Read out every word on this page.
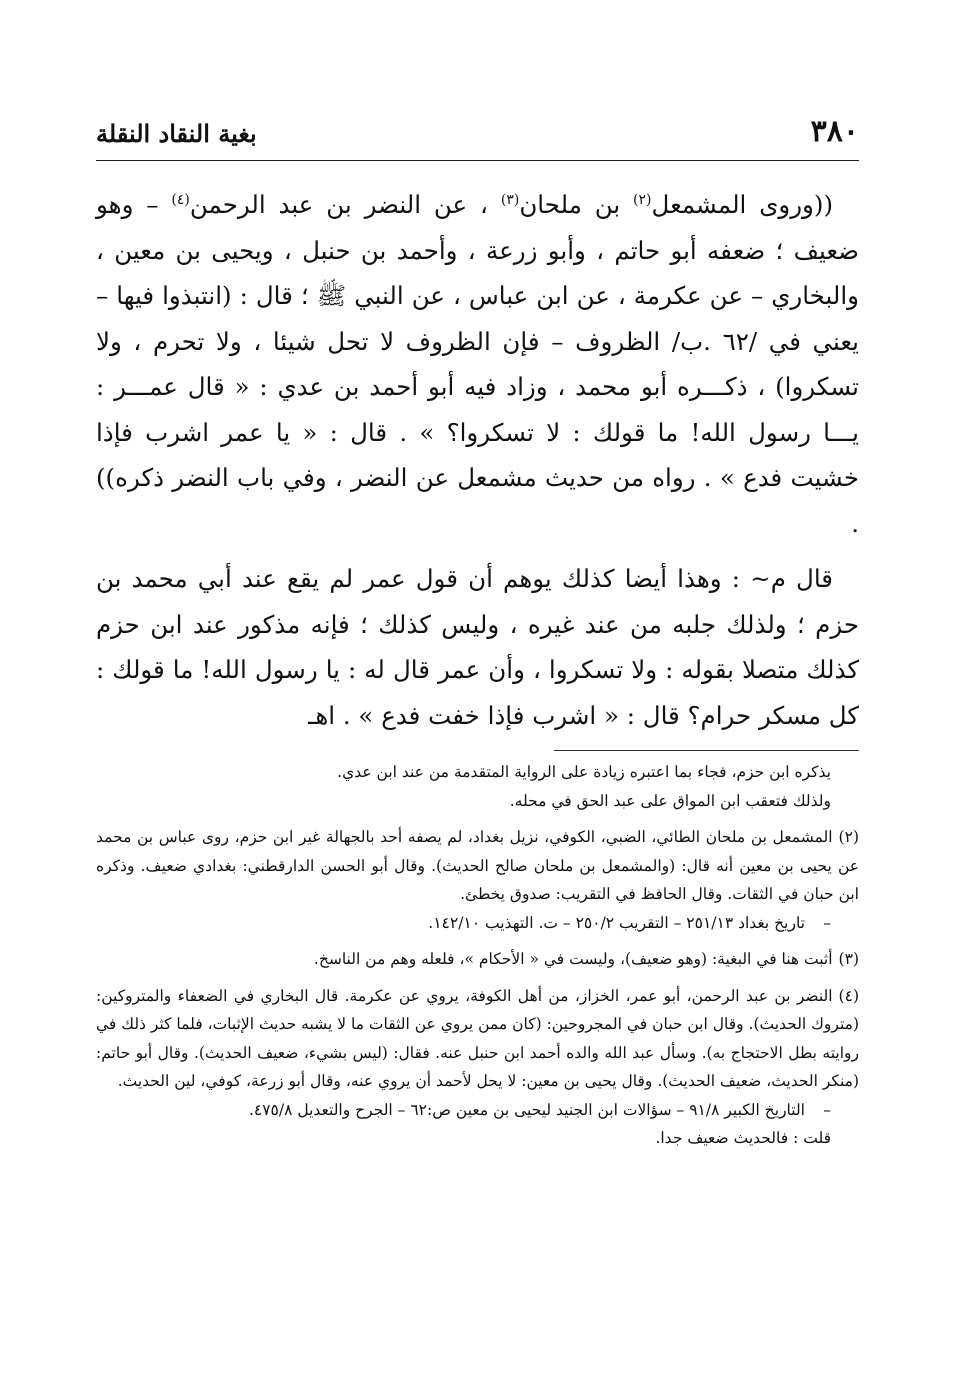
٣٨٠
بغية النقاد النقلة

((وروى المشمعل$^{(٢)}$ بن ملحان$^{(٣)}$ ، عن النضر بن عبد الرحمن$^{(٤)}$ – وهو ضعيف ؛ ضعفه أبو حاتم ، وأبو زرعة ، وأحمد بن حنبل ، ويحيى بن معين ، والبخاري – عن عكرمة ، عن ابن عباس ، عن النبي ﷺ ؛ قال : (انتبذوا فيها – يعني في /٦٢ .ب/ الظروف – فإن الظروف لا تحل شيئا ، ولا تحرم ، ولا تسكروا) ، ذكـــره أبو محمد ، وزاد فيه أبو أحمد بن عدي : « قال عمـــر : يـــا رسول الله! ما قولك : لا تسكروا؟ » . قال : « يا عمر اشرب فإذا خشيت فدع » . رواه من حديث مشمعل عن النضر ، وفي باب النضر ذكره)) .

قال م~ : وهذا أيضا كذلك يوهم أن قول عمر لم يقع عند أبي محمد بن حزم ؛ ولذلك جلبه من عند غيره ، وليس كذلك ؛ فإنه مذكور عند ابن حزم كذلك متصلا بقوله : ولا تسكروا ، وأن عمر قال له : يا رسول الله! ما قولك : كل مسكر حرام؟ قال : « اشرب فإذا خفت فدع » . اهـ

يذكره ابن حزم، فجاء بما اعتبره زيادة على الرواية المتقدمة من عند ابن عدي.

ولذلك فتعقب ابن المواق على عبد الحق في محله.

(٢)المشمعل بن ملحان الطائي، الضبي، الكوفي، نزيل بغداد، لم يصفه أحد بالجهالة غير ابن حزم، روى عباس بن محمد عن يحيى بن معين أنه قال: (والمشمعل بن ملحان صالح الحديث). وقال أبو الحسن الدارقطني: بغدادي ضعيف. وذكره ابن حبان في الثقات. وقال الحافظ في التقريب: صدوق يخطئ.

–تاريخ بغداد ٢٥١/١٣ – التقريب ٢٥٠/٢ – ت. التهذيب ١٤٢/١٠.

(٣)أثبت هنا في البغية: (وهو ضعيف)، وليست في « الأحكام »، فلعله وهم من الناسخ.

(٤)النضر بن عبد الرحمن، أبو عمر، الخزاز، من أهل الكوفة، يروي عن عكرمة. قال البخاري في الضعفاء والمتروكين: (متروك الحديث). وقال ابن حبان في المجروحين: (كان ممن يروي عن الثقات ما لا يشبه حديث الإثبات، فلما كثر ذلك في روايته بطل الاحتجاج به). وسأل عبد الله والده أحمد ابن حنبل عنه. فقال: (ليس بشيء، ضعيف الحديث). وقال أبو حاتم: (منكر الحديث، ضعيف الحديث). وقال يحيى بن معين: لا يحل لأحمد أن يروي عنه، وقال أبو زرعة، كوفي، لين الحديث.

–التاريخ الكبير ٩١/٨ – سؤالات ابن الجنيد ليحيى بن معين ص:٦٢ – الجرح والتعديل ٤٧٥/٨.

قلت : فالحديث ضعيف جدا.
